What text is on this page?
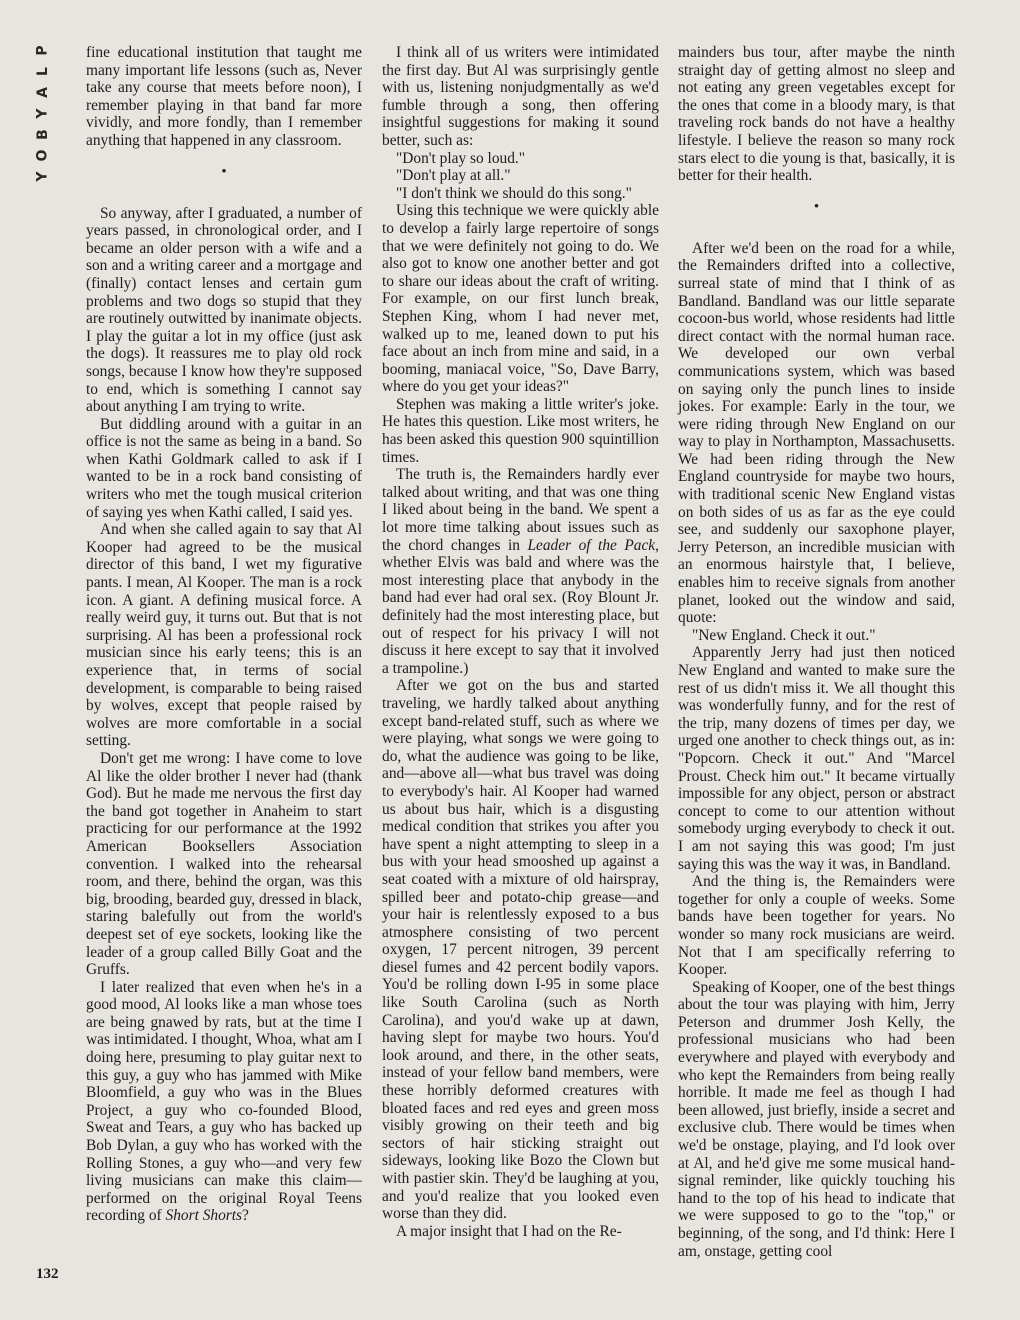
P
L
A
Y
B
O
Y

fine educational institution that taught me many important life lessons (such as, Never take any course that meets before noon), I remember playing in that band far more vividly, and more fondly, than I remember anything that happened in any classroom.

•

So anyway, after I graduated, a number of years passed, in chronological order, and I became an older person with a wife and a son and a writing career and a mortgage and (finally) contact lenses and certain gum problems and two dogs so stupid that they are routinely outwitted by inanimate objects. I play the guitar a lot in my office (just ask the dogs). It reassures me to play old rock songs, because I know how they're supposed to end, which is something I cannot say about anything I am trying to write.

But diddling around with a guitar in an office is not the same as being in a band. So when Kathi Goldmark called to ask if I wanted to be in a rock band consisting of writers who met the tough musical criterion of saying yes when Kathi called, I said yes.

And when she called again to say that Al Kooper had agreed to be the musical director of this band, I wet my figurative pants. I mean, Al Kooper. The man is a rock icon. A giant. A defining musical force. A really weird guy, it turns out. But that is not surprising. Al has been a professional rock musician since his early teens; this is an experience that, in terms of social development, is comparable to being raised by wolves, except that people raised by wolves are more comfortable in a social setting.

Don't get me wrong: I have come to love Al like the older brother I never had (thank God). But he made me nervous the first day the band got together in Anaheim to start practicing for our performance at the 1992 American Booksellers Association convention. I walked into the rehearsal room, and there, behind the organ, was this big, brooding, bearded guy, dressed in black, staring balefully out from the world's deepest set of eye sockets, looking like the leader of a group called Billy Goat and the Gruffs.

I later realized that even when he's in a good mood, Al looks like a man whose toes are being gnawed by rats, but at the time I was intimidated. I thought, Whoa, what am I doing here, presuming to play guitar next to this guy, a guy who has jammed with Mike Bloomfield, a guy who was in the Blues Project, a guy who co-founded Blood, Sweat and Tears, a guy who has backed up Bob Dylan, a guy who has worked with the Rolling Stones, a guy who—and very few living musicians can make this claim—performed on the original Royal Teens recording of Short Shorts?

I think all of us writers were intimidated the first day. But Al was surprisingly gentle with us, listening nonjudgmentally as we'd fumble through a song, then offering insightful suggestions for making it sound better, such as:

"Don't play so loud."

"Don't play at all."

"I don't think we should do this song."

Using this technique we were quickly able to develop a fairly large repertoire of songs that we were definitely not going to do. We also got to know one another better and got to share our ideas about the craft of writing. For example, on our first lunch break, Stephen King, whom I had never met, walked up to me, leaned down to put his face about an inch from mine and said, in a booming, maniacal voice, "So, Dave Barry, where do you get your ideas?"

Stephen was making a little writer's joke. He hates this question. Like most writers, he has been asked this question 900 squintillion times.

The truth is, the Remainders hardly ever talked about writing, and that was one thing I liked about being in the band. We spent a lot more time talking about issues such as the chord changes in Leader of the Pack, whether Elvis was bald and where was the most interesting place that anybody in the band had ever had oral sex. (Roy Blount Jr. definitely had the most interesting place, but out of respect for his privacy I will not discuss it here except to say that it involved a trampoline.)

After we got on the bus and started traveling, we hardly talked about anything except band-related stuff, such as where we were playing, what songs we were going to do, what the audience was going to be like, and—above all—what bus travel was doing to everybody's hair. Al Kooper had warned us about bus hair, which is a disgusting medical condition that strikes you after you have spent a night attempting to sleep in a bus with your head smooshed up against a seat coated with a mixture of old hairspray, spilled beer and potato-chip grease—and your hair is relentlessly exposed to a bus atmosphere consisting of two percent oxygen, 17 percent nitrogen, 39 percent diesel fumes and 42 percent bodily vapors. You'd be rolling down I-95 in some place like South Carolina (such as North Carolina), and you'd wake up at dawn, having slept for maybe two hours. You'd look around, and there, in the other seats, instead of your fellow band members, were these horribly deformed creatures with bloated faces and red eyes and green moss visibly growing on their teeth and big sectors of hair sticking straight out sideways, looking like Bozo the Clown but with pastier skin. They'd be laughing at you, and you'd realize that you looked even worse than they did.

A major insight that I had on the Re-

mainders bus tour, after maybe the ninth straight day of getting almost no sleep and not eating any green vegetables except for the ones that come in a bloody mary, is that traveling rock bands do not have a healthy lifestyle. I believe the reason so many rock stars elect to die young is that, basically, it is better for their health.

•

After we'd been on the road for a while, the Remainders drifted into a collective, surreal state of mind that I think of as Bandland. Bandland was our little separate cocoon-bus world, whose residents had little direct contact with the normal human race. We developed our own verbal communications system, which was based on saying only the punch lines to inside jokes. For example: Early in the tour, we were riding through New England on our way to play in Northampton, Massachusetts. We had been riding through the New England countryside for maybe two hours, with traditional scenic New England vistas on both sides of us as far as the eye could see, and suddenly our saxophone player, Jerry Peterson, an incredible musician with an enormous hairstyle that, I believe, enables him to receive signals from another planet, looked out the window and said, quote:

"New England. Check it out."

Apparently Jerry had just then noticed New England and wanted to make sure the rest of us didn't miss it. We all thought this was wonderfully funny, and for the rest of the trip, many dozens of times per day, we urged one another to check things out, as in: "Popcorn. Check it out." And "Marcel Proust. Check him out." It became virtually impossible for any object, person or abstract concept to come to our attention without somebody urging everybody to check it out. I am not saying this was good; I'm just saying this was the way it was, in Bandland.

And the thing is, the Remainders were together for only a couple of weeks. Some bands have been together for years. No wonder so many rock musicians are weird. Not that I am specifically referring to Kooper.

Speaking of Kooper, one of the best things about the tour was playing with him, Jerry Peterson and drummer Josh Kelly, the professional musicians who had been everywhere and played with everybody and who kept the Remainders from being really horrible. It made me feel as though I had been allowed, just briefly, inside a secret and exclusive club. There would be times when we'd be onstage, playing, and I'd look over at Al, and he'd give me some musical hand-signal reminder, like quickly touching his hand to the top of his head to indicate that we were supposed to go to the "top," or beginning, of the song, and I'd think: Here I am, onstage, getting cool

132
